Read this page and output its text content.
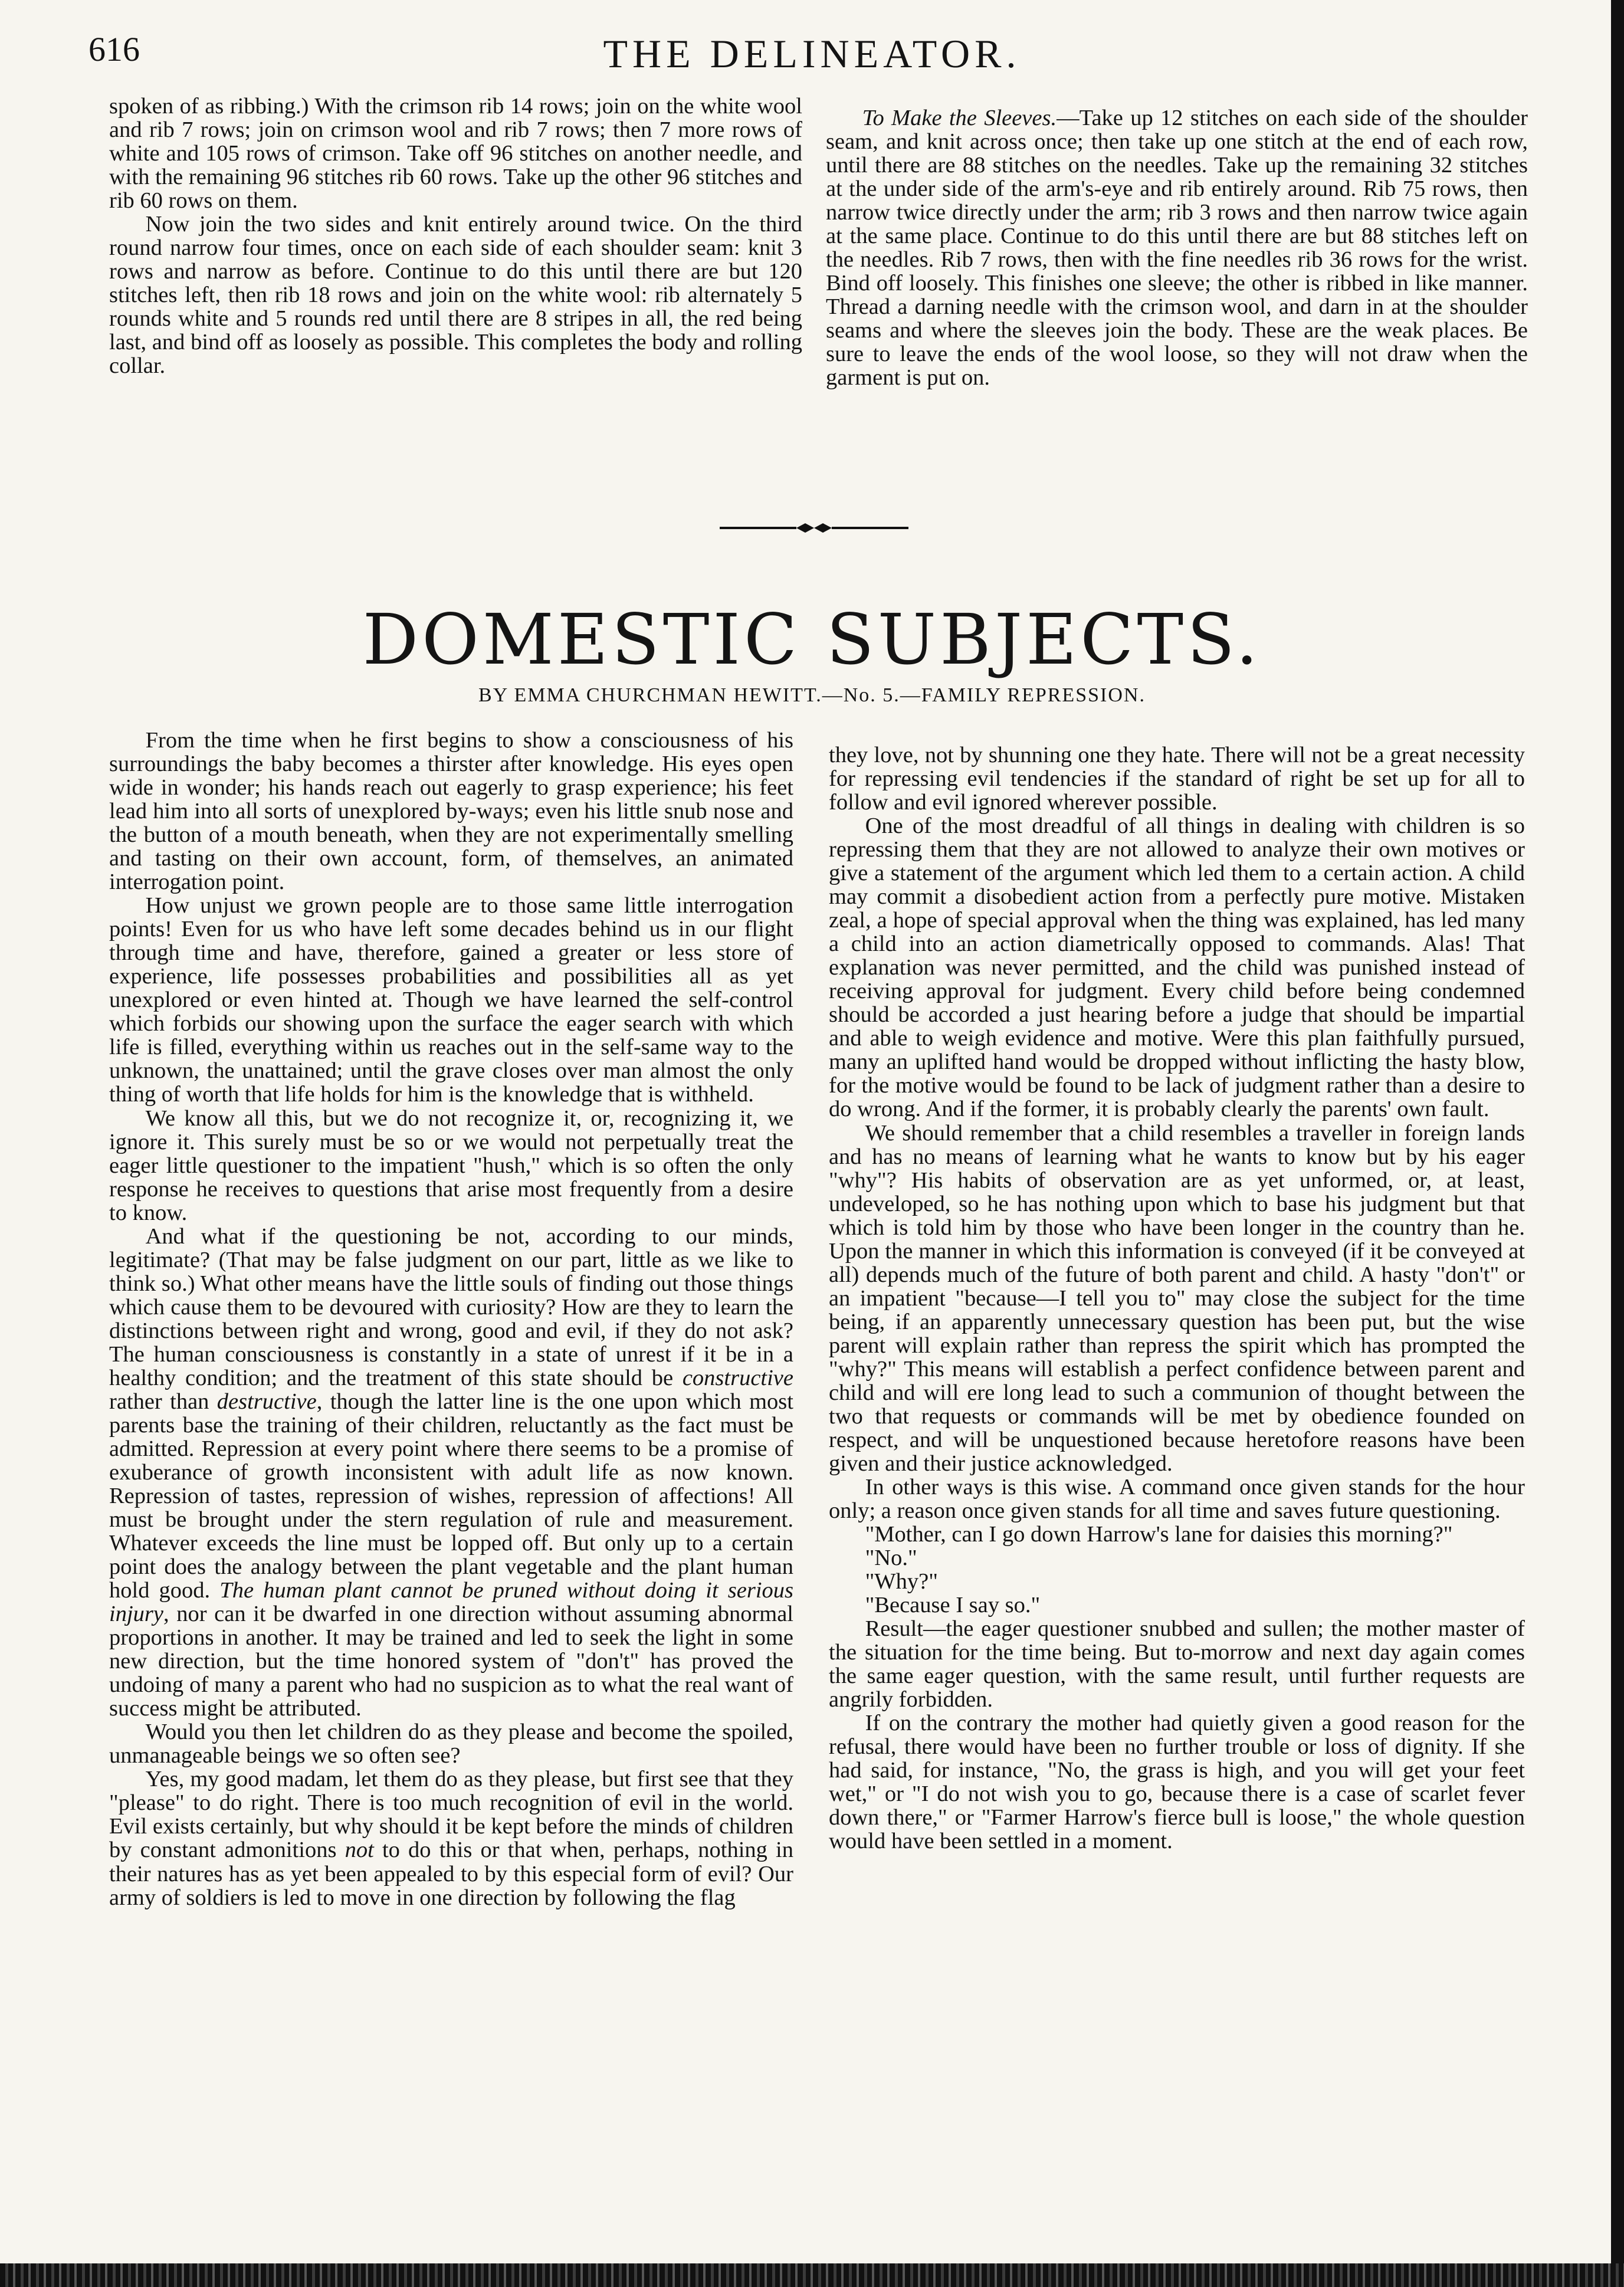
616	THE DELINEATOR.

spoken of as ribbing.) With the crimson rib 14 rows; join on the white wool and rib 7 rows; join on crimson wool and rib 7 rows; then 7 more rows of white and 105 rows of crimson. Take off 96 stitches on another needle, and with the remaining 96 stitches rib 60 rows. Take up the other 96 stitches and rib 60 rows on them.

Now join the two sides and knit entirely around twice. On the third round narrow four times, once on each side of each shoulder seam: knit 3 rows and narrow as before. Continue to do this until there are but 120 stitches left, then rib 18 rows and join on the white wool: rib alternately 5 rounds white and 5 rounds red until there are 8 stripes in all, the red being last, and bind off as loosely as possible. This completes the body and rolling collar.

To Make the Sleeves.—Take up 12 stitches on each side of the shoulder seam, and knit across once; then take up one stitch at the end of each row, until there are 88 stitches on the needles. Take up the remaining 32 stitches at the under side of the arm's-eye and rib entirely around. Rib 75 rows, then narrow twice directly under the arm; rib 3 rows and then narrow twice again at the same place. Continue to do this until there are but 88 stitches left on the needles. Rib 7 rows, then with the fine needles rib 36 rows for the wrist. Bind off loosely. This finishes one sleeve; the other is ribbed in like manner. Thread a darning needle with the crimson wool, and darn in at the shoulder seams and where the sleeves join the body. These are the weak places. Be sure to leave the ends of the wool loose, so they will not draw when the garment is put on.

DOMESTIC SUBJECTS.
BY EMMA CHURCHMAN HEWITT.—No. 5.—FAMILY REPRESSION.

From the time when he first begins to show a consciousness of his surroundings the baby becomes a thirster after knowledge. His eyes open wide in wonder; his hands reach out eagerly to grasp experience; his feet lead him into all sorts of unexplored by-ways; even his little snub nose and the button of a mouth beneath, when they are not experimentally smelling and tasting on their own account, form, of themselves, an animated interrogation point.

How unjust we grown people are to those same little interrogation points! Even for us who have left some decades behind us in our flight through time and have, therefore, gained a greater or less store of experience, life possesses probabilities and possibilities all as yet unexplored or even hinted at. Though we have learned the self-control which forbids our showing upon the surface the eager search with which life is filled, everything within us reaches out in the self-same way to the unknown, the unattained; until the grave closes over man almost the only thing of worth that life holds for him is the knowledge that is withheld.

We know all this, but we do not recognize it, or, recognizing it, we ignore it. This surely must be so or we would not perpetually treat the eager little questioner to the impatient "hush," which is so often the only response he receives to questions that arise most frequently from a desire to know.

And what if the questioning be not, according to our minds, legitimate? (That may be false judgment on our part, little as we like to think so.) What other means have the little souls of finding out those things which cause them to be devoured with curiosity? How are they to learn the distinctions between right and wrong, good and evil, if they do not ask? The human consciousness is constantly in a state of unrest if it be in a healthy condition; and the treatment of this state should be constructive rather than destructive, though the latter line is the one upon which most parents base the training of their children, reluctantly as the fact must be admitted. Repression at every point where there seems to be a promise of exuberance of growth inconsistent with adult life as now known. Repression of tastes, repression of wishes, repression of affections! All must be brought under the stern regulation of rule and measurement. Whatever exceeds the line must be lopped off. But only up to a certain point does the analogy between the plant vegetable and the plant human hold good. The human plant cannot be pruned without doing it serious injury, nor can it be dwarfed in one direction without assuming abnormal proportions in another. It may be trained and led to seek the light in some new direction, but the time honored system of "don't" has proved the undoing of many a parent who had no suspicion as to what the real want of success might be attributed.

Would you then let children do as they please and become the spoiled, unmanageable beings we so often see?

Yes, my good madam, let them do as they please, but first see that they "please" to do right. There is too much recognition of evil in the world. Evil exists certainly, but why should it be kept before the minds of children by constant admonitions not to do this or that when, perhaps, nothing in their natures has as yet been appealed to by this especial form of evil? Our army of soldiers is led to move in one direction by following the flag

they love, not by shunning one they hate. There will not be a great necessity for repressing evil tendencies if the standard of right be set up for all to follow and evil ignored wherever possible.

One of the most dreadful of all things in dealing with children is so repressing them that they are not allowed to analyze their own motives or give a statement of the argument which led them to a certain action. A child may commit a disobedient action from a perfectly pure motive. Mistaken zeal, a hope of special approval when the thing was explained, has led many a child into an action diametrically opposed to commands. Alas! That explanation was never permitted, and the child was punished instead of receiving approval for judgment. Every child before being condemned should be accorded a just hearing before a judge that should be impartial and able to weigh evidence and motive. Were this plan faithfully pursued, many an uplifted hand would be dropped without inflicting the hasty blow, for the motive would be found to be lack of judgment rather than a desire to do wrong. And if the former, it is probably clearly the parents' own fault.

We should remember that a child resembles a traveller in foreign lands and has no means of learning what he wants to know but by his eager "why"? His habits of observation are as yet unformed, or, at least, undeveloped, so he has nothing upon which to base his judgment but that which is told him by those who have been longer in the country than he. Upon the manner in which this information is conveyed (if it be conveyed at all) depends much of the future of both parent and child. A hasty "don't" or an impatient "because—I tell you to" may close the subject for the time being, if an apparently unnecessary question has been put, but the wise parent will explain rather than repress the spirit which has prompted the "why?" This means will establish a perfect confidence between parent and child and will ere long lead to such a communion of thought between the two that requests or commands will be met by obedience founded on respect, and will be unquestioned because heretofore reasons have been given and their justice acknowledged.

In other ways is this wise. A command once given stands for the hour only; a reason once given stands for all time and saves future questioning.

"Mother, can I go down Harrow's lane for daisies this morning?"

"No."

"Why?"

"Because I say so."

Result—the eager questioner snubbed and sullen; the mother master of the situation for the time being. But to-morrow and next day again comes the same eager question, with the same result, until further requests are angrily forbidden.

If on the contrary the mother had quietly given a good reason for the refusal, there would have been no further trouble or loss of dignity. If she had said, for instance, "No, the grass is high, and you will get your feet wet," or "I do not wish you to go, because there is a case of scarlet fever down there," or "Farmer Harrow's fierce bull is loose," the whole question would have been settled in a moment.
